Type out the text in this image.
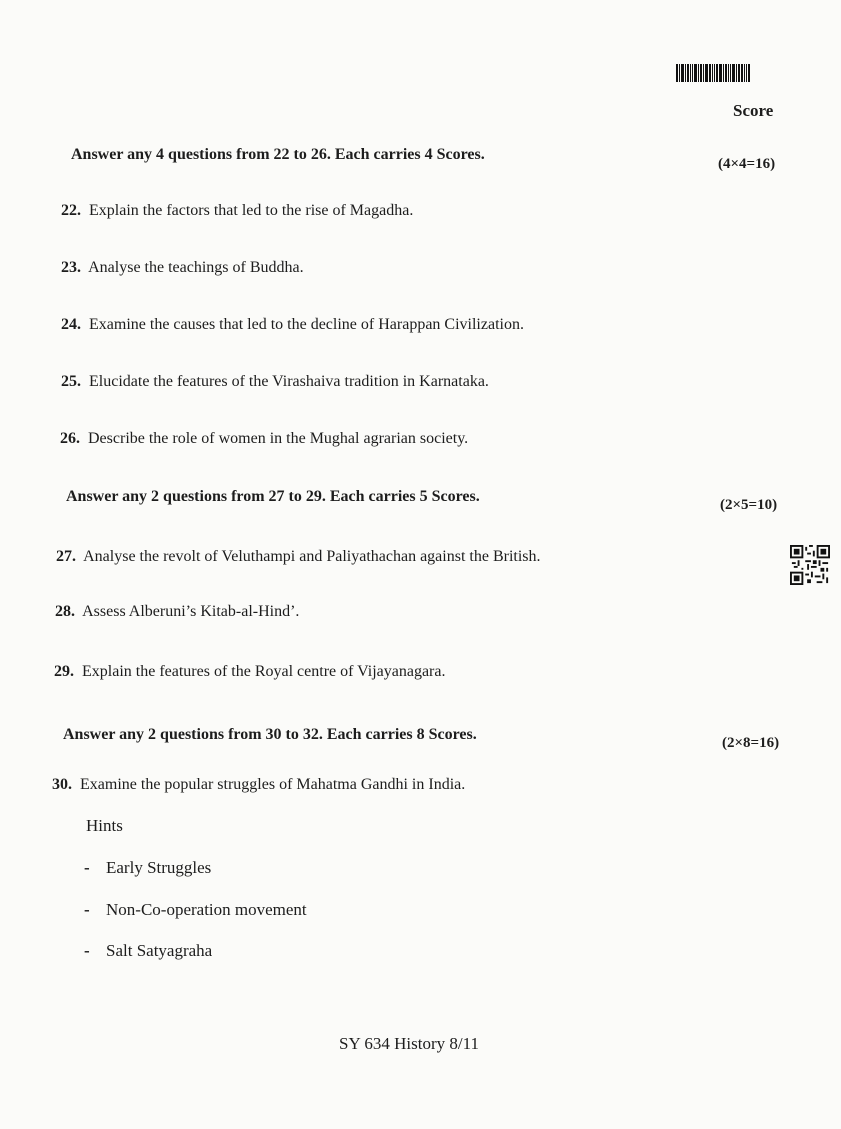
Score
Answer any 4 questions from 22 to 26. Each carries 4 Scores.
(4×4=16)
22. Explain the factors that led to the rise of Magadha.
23. Analyse the teachings of Buddha.
24. Examine the causes that led to the decline of Harappan Civilization.
25. Elucidate the features of the Virashaiva tradition in Karnataka.
26. Describe the role of women in the Mughal agrarian society.
Answer any 2 questions from 27 to 29. Each carries 5 Scores.	(2×5=10)
27. Analyse the revolt of Veluthampi and Paliyathachan against the British.
28. Assess Alberuni’s Kitab-al-Hind’.
29. Explain the features of the Royal centre of Vijayanagara.
Answer any 2 questions from 30 to 32. Each carries 8 Scores.	(2×8=16)
30. Examine the popular struggles of Mahatma Gandhi in India.
Hints
- Early Struggles
- Non-Co-operation movement
- Salt Satyagraha
SY 634 History 8/11
